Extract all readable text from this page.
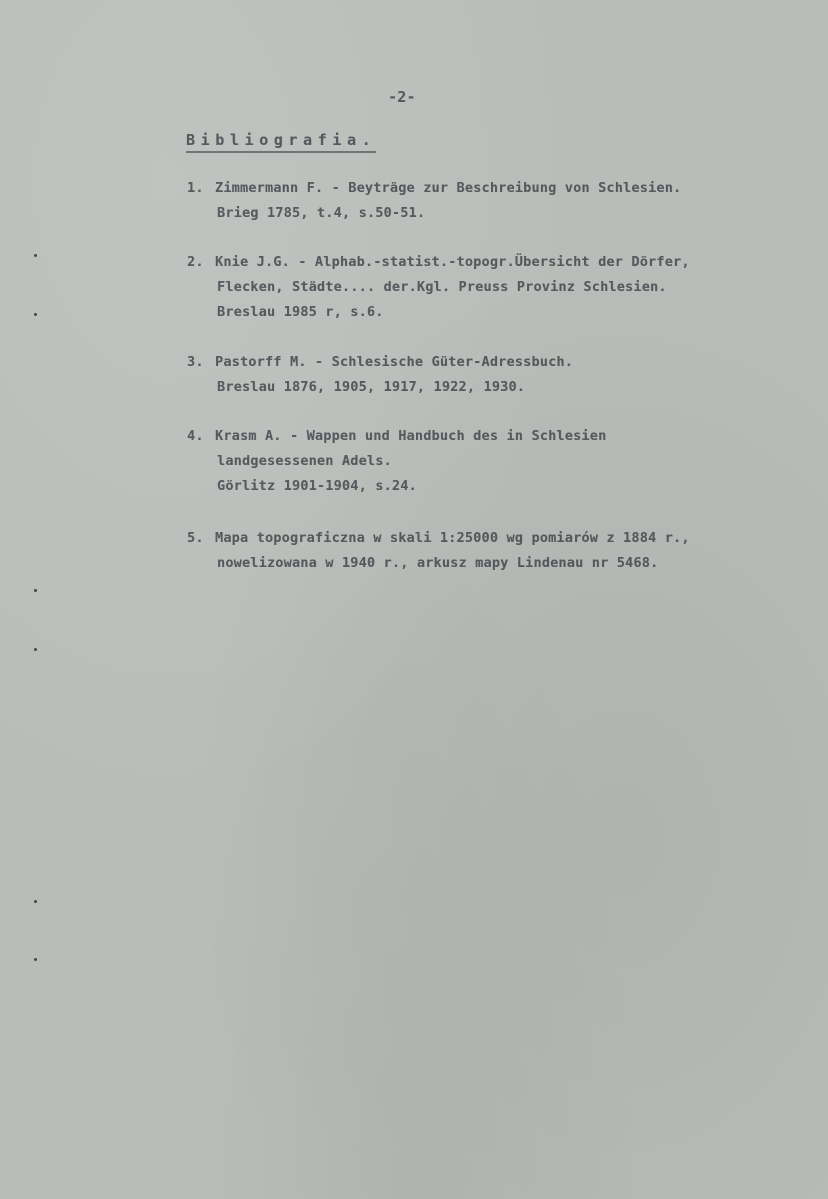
-2-
Bibliografia.
1. Zimmermann F. - Beyträge zur Beschreibung von Schlesien.
Brieg 1785, t.4, s.50-51.
2. Knie J.G. - Alphab.-statist.-topogr.Übersicht der Dörfer,
Flecken, Städte.... der.Kgl. Preuss Provinz Schlesien.
Breslau 1985 r, s.6.
3. Pastorff M. - Schlesische Güter-Adressbuch.
Breslau 1876, 1905, 1917, 1922, 1930.
4. Krasm A. - Wappen und Handbuch des in Schlesien
landgesessenen Adels.
Görlitz 1901-1904, s.24.
5. Mapa topograficzna w skali 1:25000 wg pomiarów z 1884 r.,
nowelizowana w 1940 r., arkusz mapy Lindenau nr 5468.
